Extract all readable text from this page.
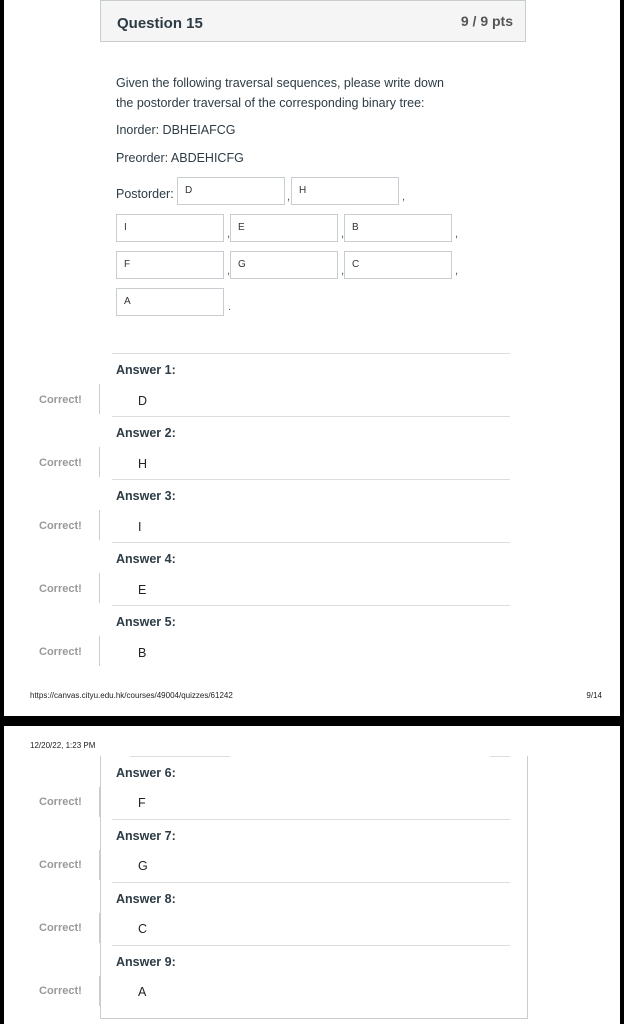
Question 15	9 / 9 pts
Given the following traversal sequences, please write down
the postorder traversal of the corresponding binary tree:
Inorder: DBHEIAFCG
Preorder: ABDEHICFG
Postorder:	D
,
H
,
I
,
E
,
B
,
F
,
G
,
C
,
A	.
Answer 1:
Correct!	D
Answer 2:
Correct!	H
Answer 3:
Correct!	I
Answer 4:
Correct!	E
Answer 5:
Correct!	B
https://canvas.cityu.edu.hk/courses/49004/quizzes/61242	9/14
12/20/22, 1:23 PM
Answer 6:
Correct!	F
Answer 7:
Correct!	G
Answer 8:
Correct!	C
Answer 9:
Correct!	A
